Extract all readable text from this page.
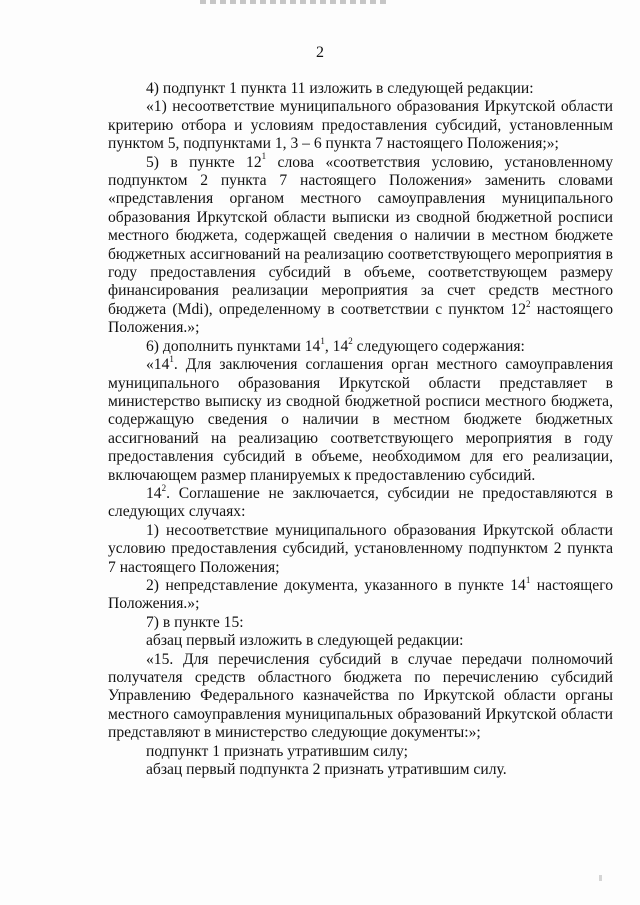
2

4) подпункт 1 пункта 11 изложить в следующей редакции:

«1) несоответствие муниципального образования Иркутской области критерию отбора и условиям предоставления субсидий, установленным пунктом 5, подпунктами 1, 3 – 6 пункта 7 настоящего Положения;»;

5) в пункте $12^1$ слова «соответствия условию, установленному подпунктом 2 пункта 7 настоящего Положения» заменить словами «представления органом местного самоуправления муниципального образования Иркутской области выписки из сводной бюджетной росписи местного бюджета, содержащей сведения о наличии в местном бюджете бюджетных ассигнований на реализацию соответствующего мероприятия в году предоставления субсидий в объеме, соответствующем размеру финансирования реализации мероприятия за счет средств местного бюджета (Mdi), определенному в соответствии с пунктом $12^2$ настоящего Положения.»;

6) дополнить пунктами $14^1$, $14^2$ следующего содержания:

«$14^1$. Для заключения соглашения орган местного самоуправления муниципального образования Иркутской области представляет в министерство выписку из сводной бюджетной росписи местного бюджета, содержащую сведения о наличии в местном бюджете бюджетных ассигнований на реализацию соответствующего мероприятия в году предоставления субсидий в объеме, необходимом для его реализации, включающем размер планируемых к предоставлению субсидий.

$14^2$. Соглашение не заключается, субсидии не предоставляются в следующих случаях:

1) несоответствие муниципального образования Иркутской области условию предоставления субсидий, установленному подпунктом 2 пункта 7 настоящего Положения;

2) непредставление документа, указанного в пункте $14^1$ настоящего Положения.»;

7) в пункте 15:

абзац первый изложить в следующей редакции:

«15. Для перечисления субсидий в случае передачи полномочий получателя средств областного бюджета по перечислению субсидий Управлению Федерального казначейства по Иркутской области органы местного самоуправления муниципальных образований Иркутской области представляют в министерство следующие документы:»;

подпункт 1 признать утратившим силу;

абзац первый подпункта 2 признать утратившим силу.
